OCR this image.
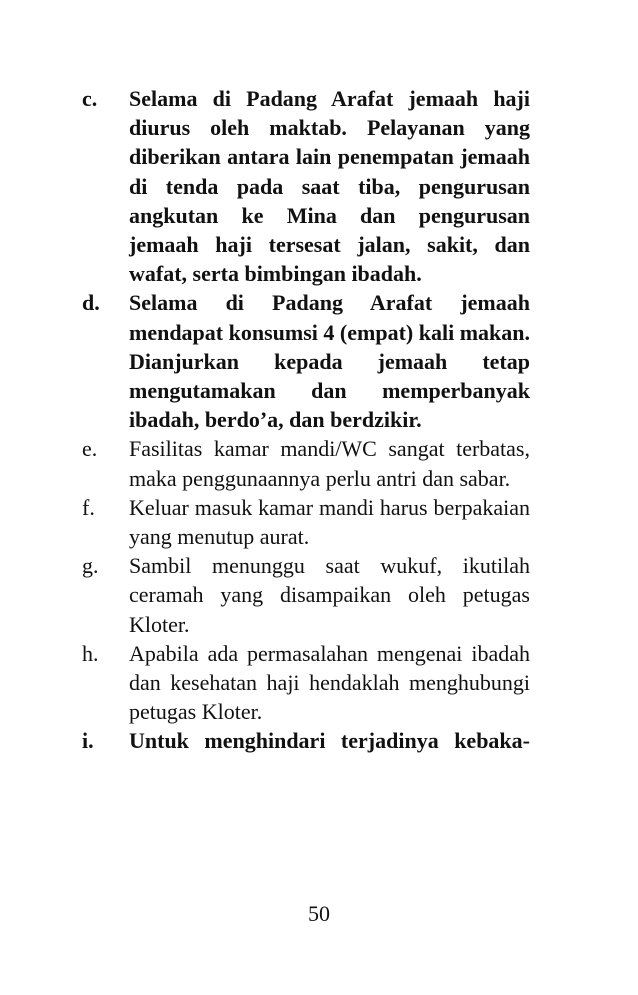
c.	Selama di Padang Arafat jemaah haji diurus oleh maktab. Pelayanan yang diberikan antara lain penempatan jemaah di tenda pada saat tiba, pengurusan angkutan ke Mina dan pengurusan jemaah haji tersesat jalan, sakit, dan wafat, serta bimbingan ibadah.
d.	Selama di Padang Arafat jemaah mendapat konsumsi 4 (empat) kali makan. Dianjurkan kepada jemaah tetap mengutamakan dan memperbanyak ibadah, berdo’a, dan berdzikir.
e.	Fasilitas kamar mandi/WC sangat terbatas, maka penggunaannya perlu antri dan sabar.
f.	Keluar masuk kamar mandi harus berpakaian yang menutup aurat.
g.	Sambil menunggu saat wukuf, ikutilah ceramah yang disampaikan oleh petugas Kloter.
h.	Apabila ada permasalahan mengenai ibadah dan kesehatan haji hendaklah menghubungi petugas Kloter.
i.	Untuk menghindari terjadinya kebaka-
50
